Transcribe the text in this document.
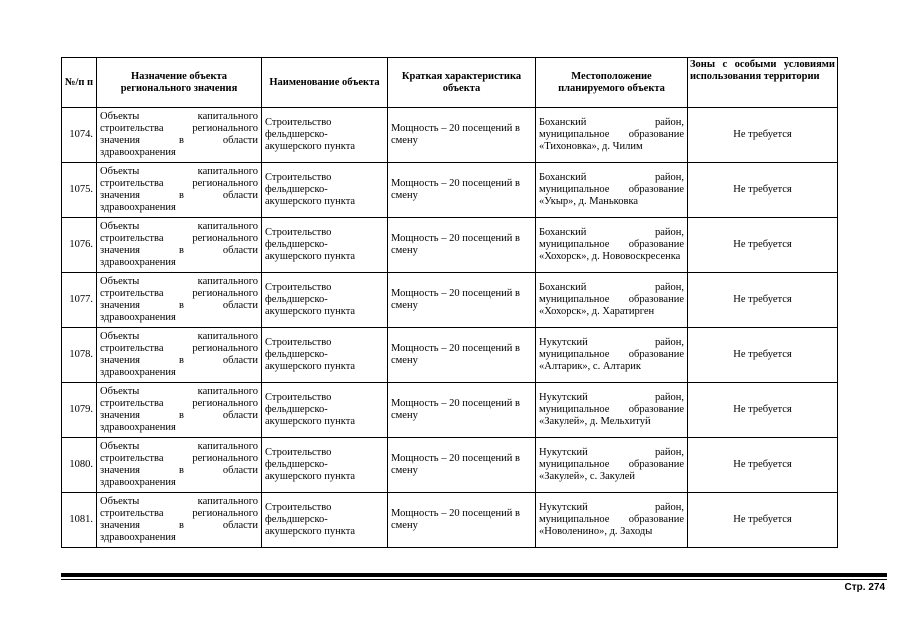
№/п п	Назначение объекта регионального значения	Наименование объекта	Краткая характеристика объекта	Местоположение планируемого объекта	Зоны с особыми условиями использования территории
1074.	Объекты капитального строительства регионального значения в области здравоохранения	Строительство фельдшерско-акушерского пункта	Мощность – 20 посещений в смену	Боханский район, муниципальное образование «Тихоновка», д. Чилим	Не требуется
1075.	Объекты капитального строительства регионального значения в области здравоохранения	Строительство фельдшерско-акушерского пункта	Мощность – 20 посещений в смену	Боханский район, муниципальное образование «Укыр», д. Маньковка	Не требуется
1076.	Объекты капитального строительства регионального значения в области здравоохранения	Строительство фельдшерско-акушерского пункта	Мощность – 20 посещений в смену	Боханский район, муниципальное образование «Хохорск», д. Нововоскресенка	Не требуется
1077.	Объекты капитального строительства регионального значения в области здравоохранения	Строительство фельдшерско-акушерского пункта	Мощность – 20 посещений в смену	Боханский район, муниципальное образование «Хохорск», д. Харатирген	Не требуется
1078.	Объекты капитального строительства регионального значения в области здравоохранения	Строительство фельдшерско-акушерского пункта	Мощность – 20 посещений в смену	Нукутский район, муниципальное образование «Алтарик», с. Алтарик	Не требуется
1079.	Объекты капитального строительства регионального значения в области здравоохранения	Строительство фельдшерско-акушерского пункта	Мощность – 20 посещений в смену	Нукутский район, муниципальное образование «Закулей», д. Мельхитуй	Не требуется
1080.	Объекты капитального строительства регионального значения в области здравоохранения	Строительство фельдшерско-акушерского пункта	Мощность – 20 посещений в смену	Нукутский район, муниципальное образование «Закулей», с. Закулей	Не требуется
1081.	Объекты капитального строительства регионального значения в области здравоохранения	Строительство фельдшерско-акушерского пункта	Мощность – 20 посещений в смену	Нукутский район, муниципальное образование «Новоленино», д. Заходы	Не требуется
Стр. 274
